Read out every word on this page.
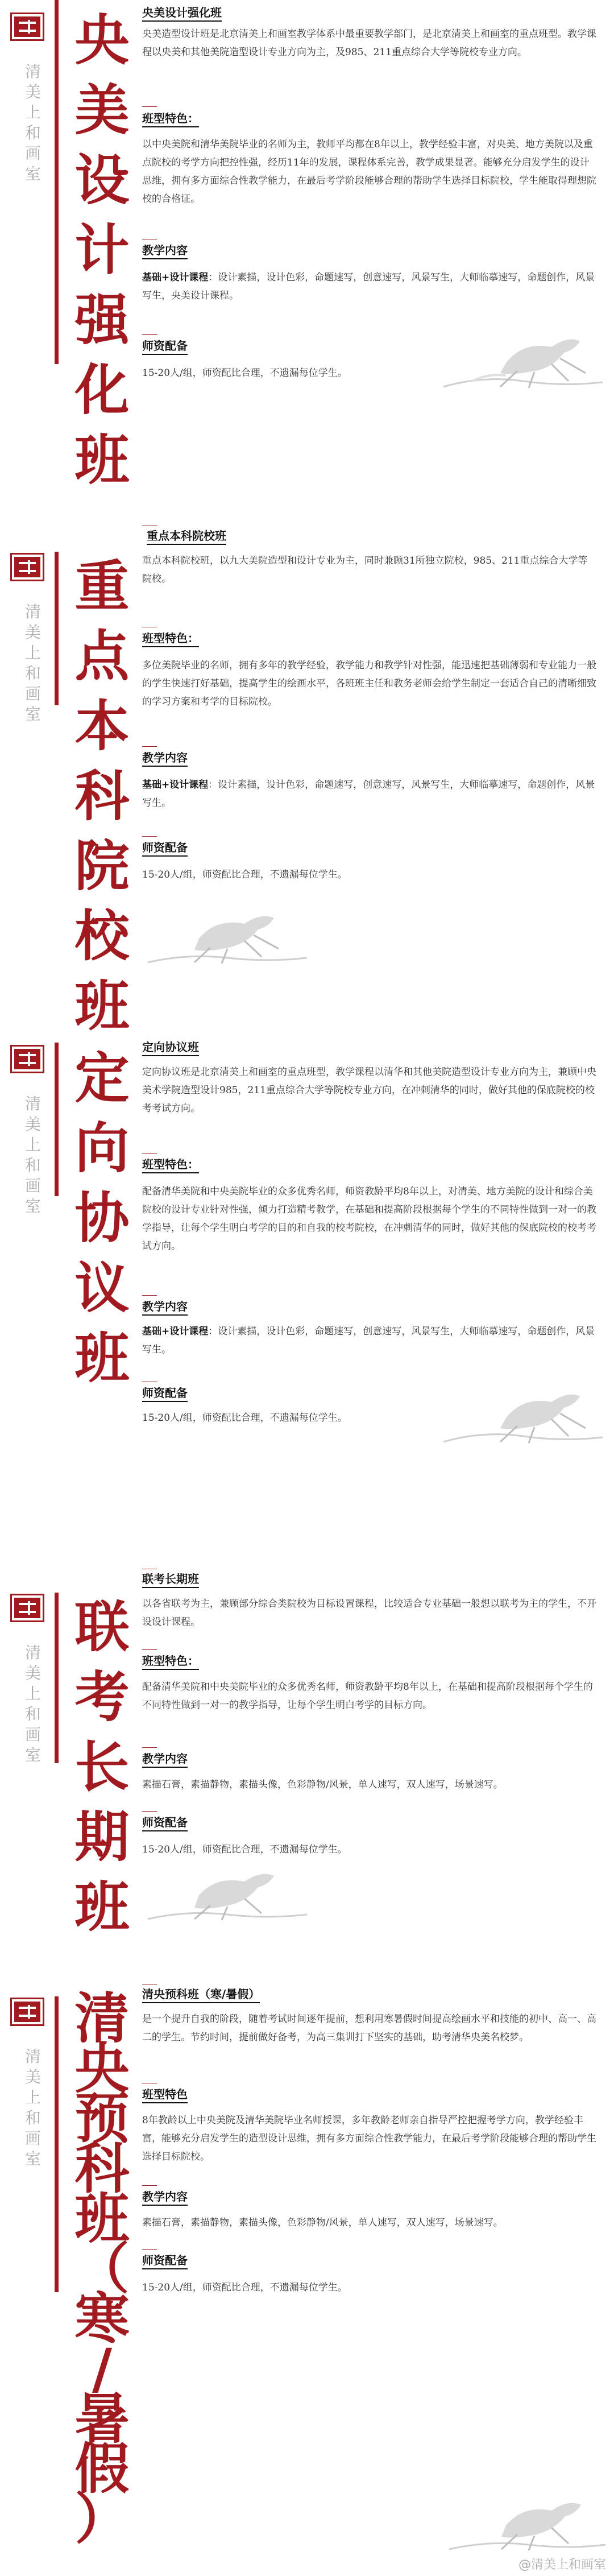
清
美
上
和
画
室
央
美
设
计
强
化
班
央美设计强化班

央美造型设计班是北京清美上和画室教学体系中最重要教学部门，是北京清美上和画室的重点班型。教学课程以央美和其他美院造型设计专业方向为主，及985、211重点综合大学等院校专业方向。

班型特色：

以中央美院和清华美院毕业的名师为主，教师平均都在8年以上，教学经验丰富，对央美、地方美院以及重点院校的考学方向把控性强，经历11年的发展，课程体系完善，教学成果显著。能够充分启发学生的设计思维，拥有多方面综合性教学能力，在最后考学阶段能够合理的帮助学生选择目标院校，学生能取得理想院校的合格证。

教学内容

基础+设计课程：设计素描，设计色彩，命题速写，创意速写，风景写生，大师临摹速写，命题创作，风景写生，央美设计课程。

师资配备

15-20人/组，师资配比合理，不遗漏每位学生。

清
美
上
和
画
室
重
点
本
科
院
校
班
重点本科院校班

重点本科院校班，以九大美院造型和设计专业为主，同时兼顾31所独立院校，985、211重点综合大学等院校。

班型特色：

多位美院毕业的名师，拥有多年的教学经验，教学能力和教学针对性强，能迅速把基础薄弱和专业能力一般的学生快速打好基础，提高学生的绘画水平，各班班主任和教务老师会给学生制定一套适合自己的清晰细致的学习方案和考学的目标院校。

教学内容

基础+设计课程：设计素描，设计色彩，命题速写，创意速写，风景写生，大师临摹速写，命题创作，风景写生。

师资配备

15-20人/组，师资配比合理，不遗漏每位学生。

清
美
上
和
画
室
定
向
协
议
班
定向协议班

定向协议班是北京清美上和画室的重点班型，教学课程以清华和其他美院造型设计专业方向为主，兼顾中央美术学院造型设计985，211重点综合大学等院校专业方向，在冲刺清华的同时，做好其他的保底院校的校考考试方向。

班型特色：

配备清华美院和中央美院毕业的众多优秀名师，师资教龄平均8年以上，对清美、地方美院的设计和综合美院校的设计专业针对性强，倾力打造精考教学，在基础和提高阶段根据每个学生的不同特性做到一对一的教学指导，让每个学生明白考学的目的和自我的校考院校，在冲刺清华的同时，做好其他的保底院校的校考考试方向。

教学内容

基础+设计课程：设计素描，设计色彩，命题速写，创意速写，风景写生，大师临摹速写，命题创作，风景写生。

师资配备

15-20人/组，师资配比合理，不遗漏每位学生。

清
美
上
和
画
室
联
考
长
期
班
联考长期班

以各省联考为主，兼顾部分综合类院校为目标设置课程，比较适合专业基础一般想以联考为主的学生，不开设设计课程。

班型特色：

配备清华美院和中央美院毕业的众多优秀名师，师资教龄平均8年以上，在基础和提高阶段根据每个学生的不同特性做到一对一的教学指导，让每个学生明白考学的目标方向。

教学内容

素描石膏，素描静物，素描头像，色彩静物/风景，单人速写，双人速写，场景速写。

师资配备

15-20人/组，师资配比合理，不遗漏每位学生。

清
美
上
和
画
室
清
央
预
科
班
（
寒
/
暑
假
）
清央预科班（寒/暑假）

是一个提升自我的阶段，随着考试时间逐年提前，想利用寒暑假时间提高绘画水平和技能的初中、高一、高二的学生。节约时间，提前做好备考，为高三集训打下坚实的基础，助考清华央美名校梦。

班型特色

8年教龄以上中央美院及清华美院毕业名师授课，多年教龄老师亲自指导严控把握考学方向，教学经验丰富，能够充分启发学生的造型设计思维，拥有多方面综合性教学能力，在最后考学阶段能够合理的帮助学生选择目标院校。

教学内容

素描石膏，素描静物，素描头像，色彩静物/风景，单人速写，双人速写，场景速写。

师资配备

15-20人/组，师资配比合理，不遗漏每位学生。

@清美上和画室
